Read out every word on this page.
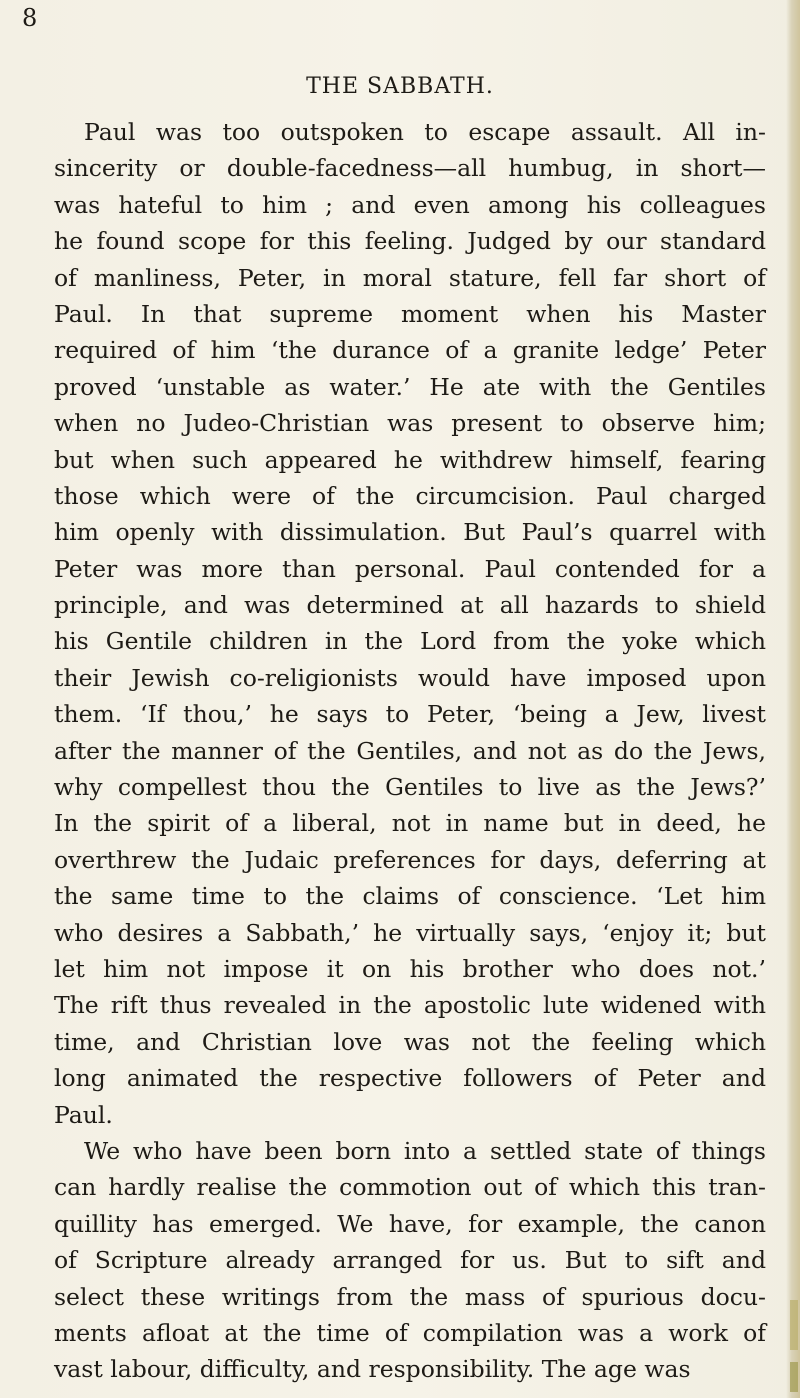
8
THE SABBATH.
Paul was too outspoken to escape assault. All in-
sincerity or double-facedness—all humbug, in short—
was hateful to him ; and even among his colleagues
he found scope for this feeling. Judged by our standard
of manliness, Peter, in moral stature, fell far short of
Paul. In that supreme moment when his Master
required of him ‘the durance of a granite ledge’ Peter
proved ‘unstable as water.’ He ate with the Gentiles
when no Judeo-Christian was present to observe him;
but when such appeared he withdrew himself, fearing
those which were of the circumcision. Paul charged
him openly with dissimulation. But Paul’s quarrel with
Peter was more than personal. Paul contended for a
principle, and was determined at all hazards to shield
his Gentile children in the Lord from the yoke which
their Jewish co-religionists would have imposed upon
them. ‘If thou,’ he says to Peter, ‘being a Jew, livest
after the manner of the Gentiles, and not as do the Jews,
why compellest thou the Gentiles to live as the Jews?’
In the spirit of a liberal, not in name but in deed, he
overthrew the Judaic preferences for days, deferring at
the same time to the claims of conscience. ‘Let him
who desires a Sabbath,’ he virtually says, ‘enjoy it; but
let him not impose it on his brother who does not.’
The rift thus revealed in the apostolic lute widened with
time, and Christian love was not the feeling which
long animated the respective followers of Peter and
Paul.
We who have been born into a settled state of things
can hardly realise the commotion out of which this tran-
quillity has emerged. We have, for example, the canon
of Scripture already arranged for us. But to sift and
select these writings from the mass of spurious docu-
ments afloat at the time of compilation was a work of
vast labour, difficulty, and responsibility. The age was
